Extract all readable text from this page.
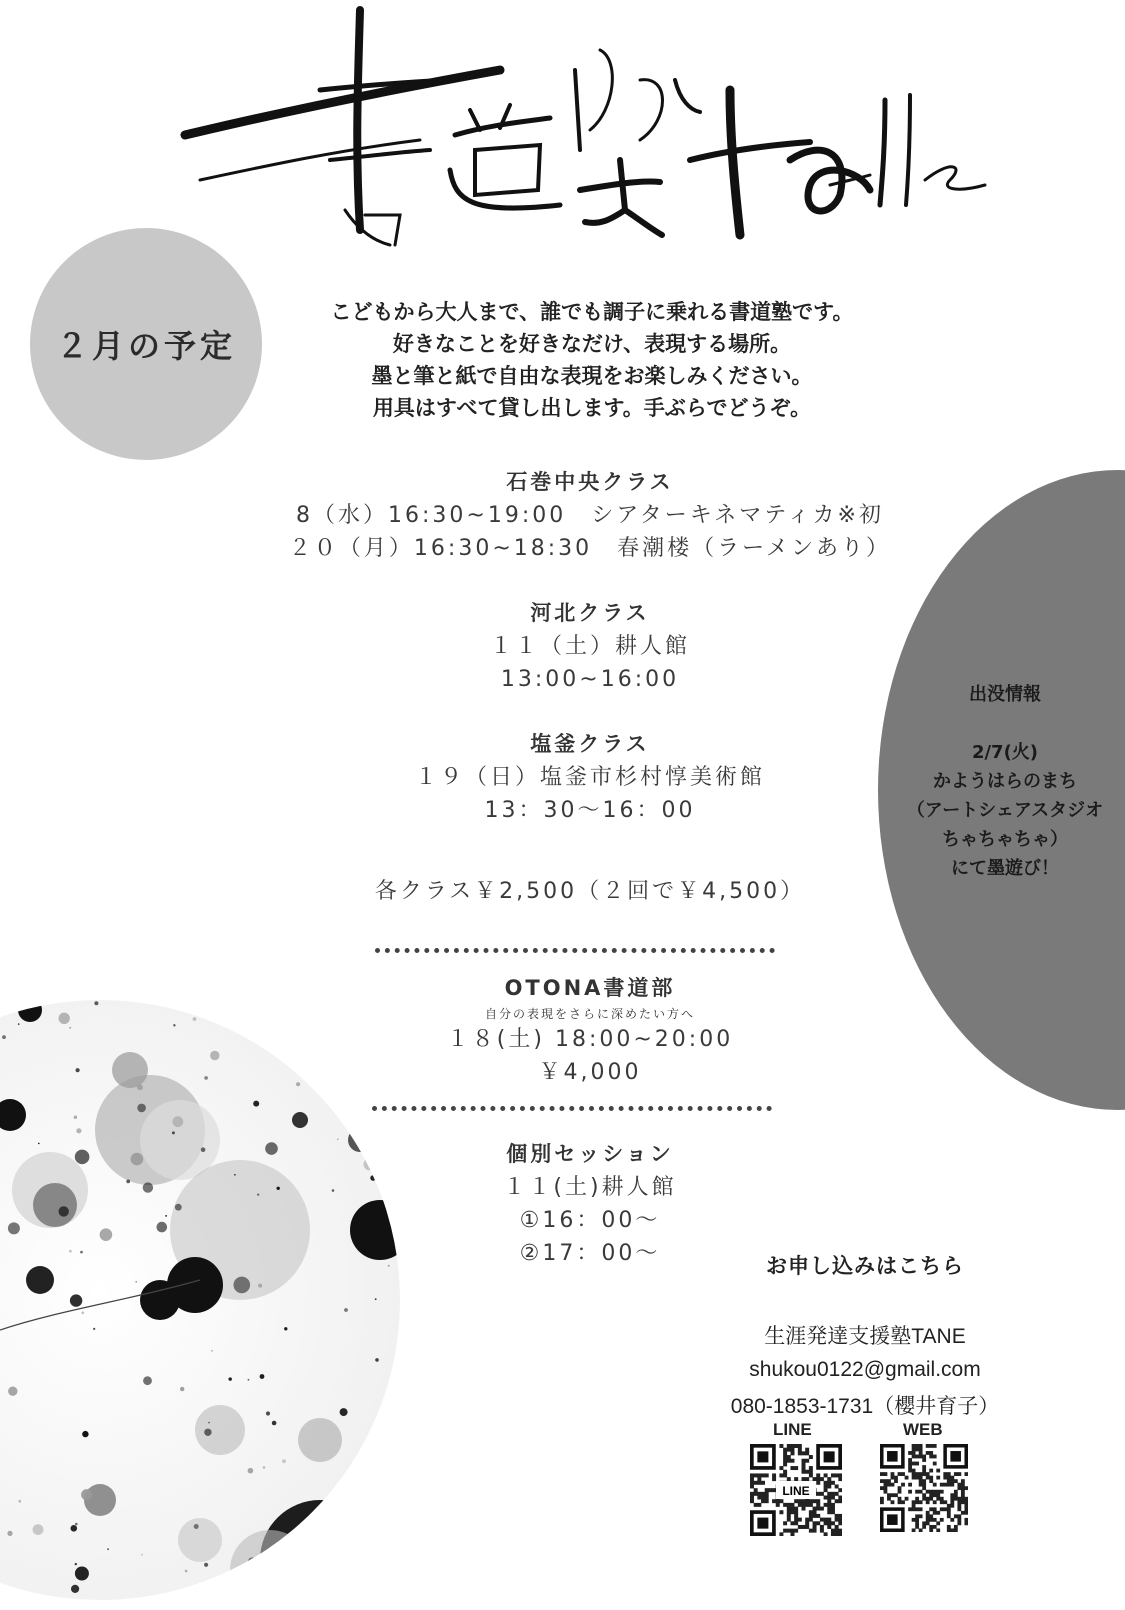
２月の予定
出没情報
2/7(火)
かようはらのまち
（アートシェアスタジオ
ちゃちゃちゃ）
にて墨遊び！
こどもから大人まで、誰でも調子に乗れる書道塾です。
好きなことを好きなだけ、表現する場所。
墨と筆と紙で自由な表現をお楽しみください。
用具はすべて貸し出します。手ぶらでどうぞ。
石巻中央クラス
8（水）16:30~19:00　シアターキネマティカ※初
２０（月）16:30~18:30　春潮楼（ラーメンあり）
河北クラス
１１（土）耕人館
13:00~16:00
塩釜クラス
１９（日）塩釜市杉村惇美術館
13：30〜16：00
各クラス￥2,500（２回で￥4,500）
OTONA書道部
自分の表現をさらに深めたい方へ
１８(土) 18:00~20:00
￥4,000
個別セッション
１１(土)耕人館
①16：00〜
②17：00〜
お申し込みはこちら
生涯発達支援塾TANE
shukou0122@gmail.com
080-1853-1731（櫻井育子）
LINE	WEB
LINE
